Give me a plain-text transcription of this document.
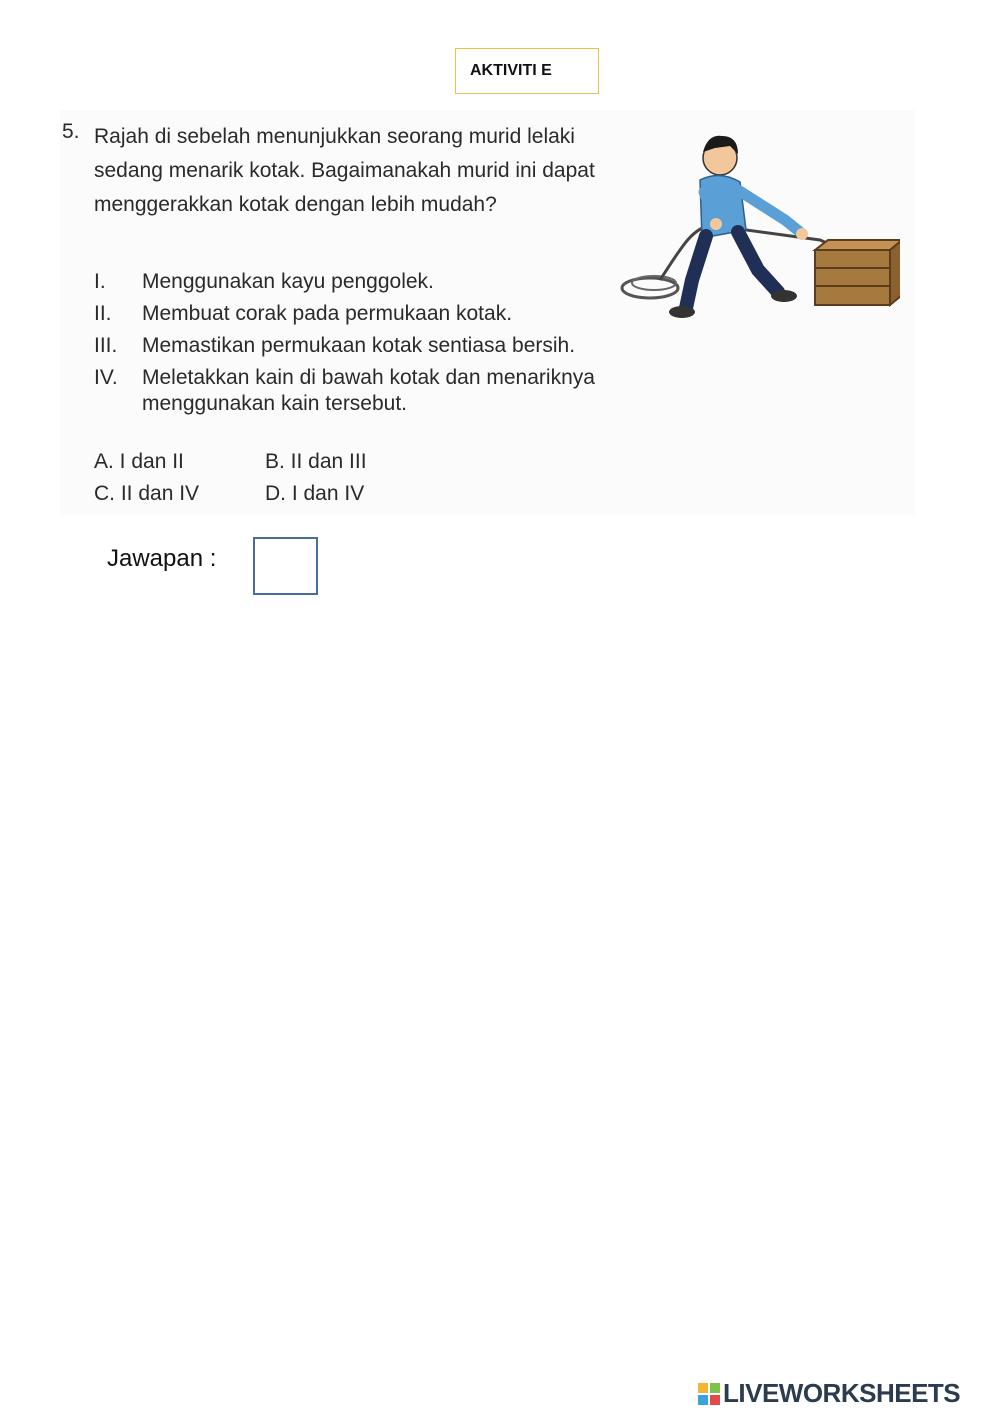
AKTIVITI E
5. Rajah di sebelah menunjukkan seorang murid lelaki sedang menarik kotak. Bagaimanakah murid ini dapat menggerakkan kotak dengan lebih mudah?
I. Menggunakan kayu penggolek.
II. Membuat corak pada permukaan kotak.
III. Memastikan permukaan kotak sentiasa bersih.
IV. Meletakkan kain di bawah kotak dan menariknya
menggunakan kain tersebut.
A. I dan II	B. II dan III
C. II dan IV	D. I dan IV
Jawapan :
LIVEWORKSHEETS
